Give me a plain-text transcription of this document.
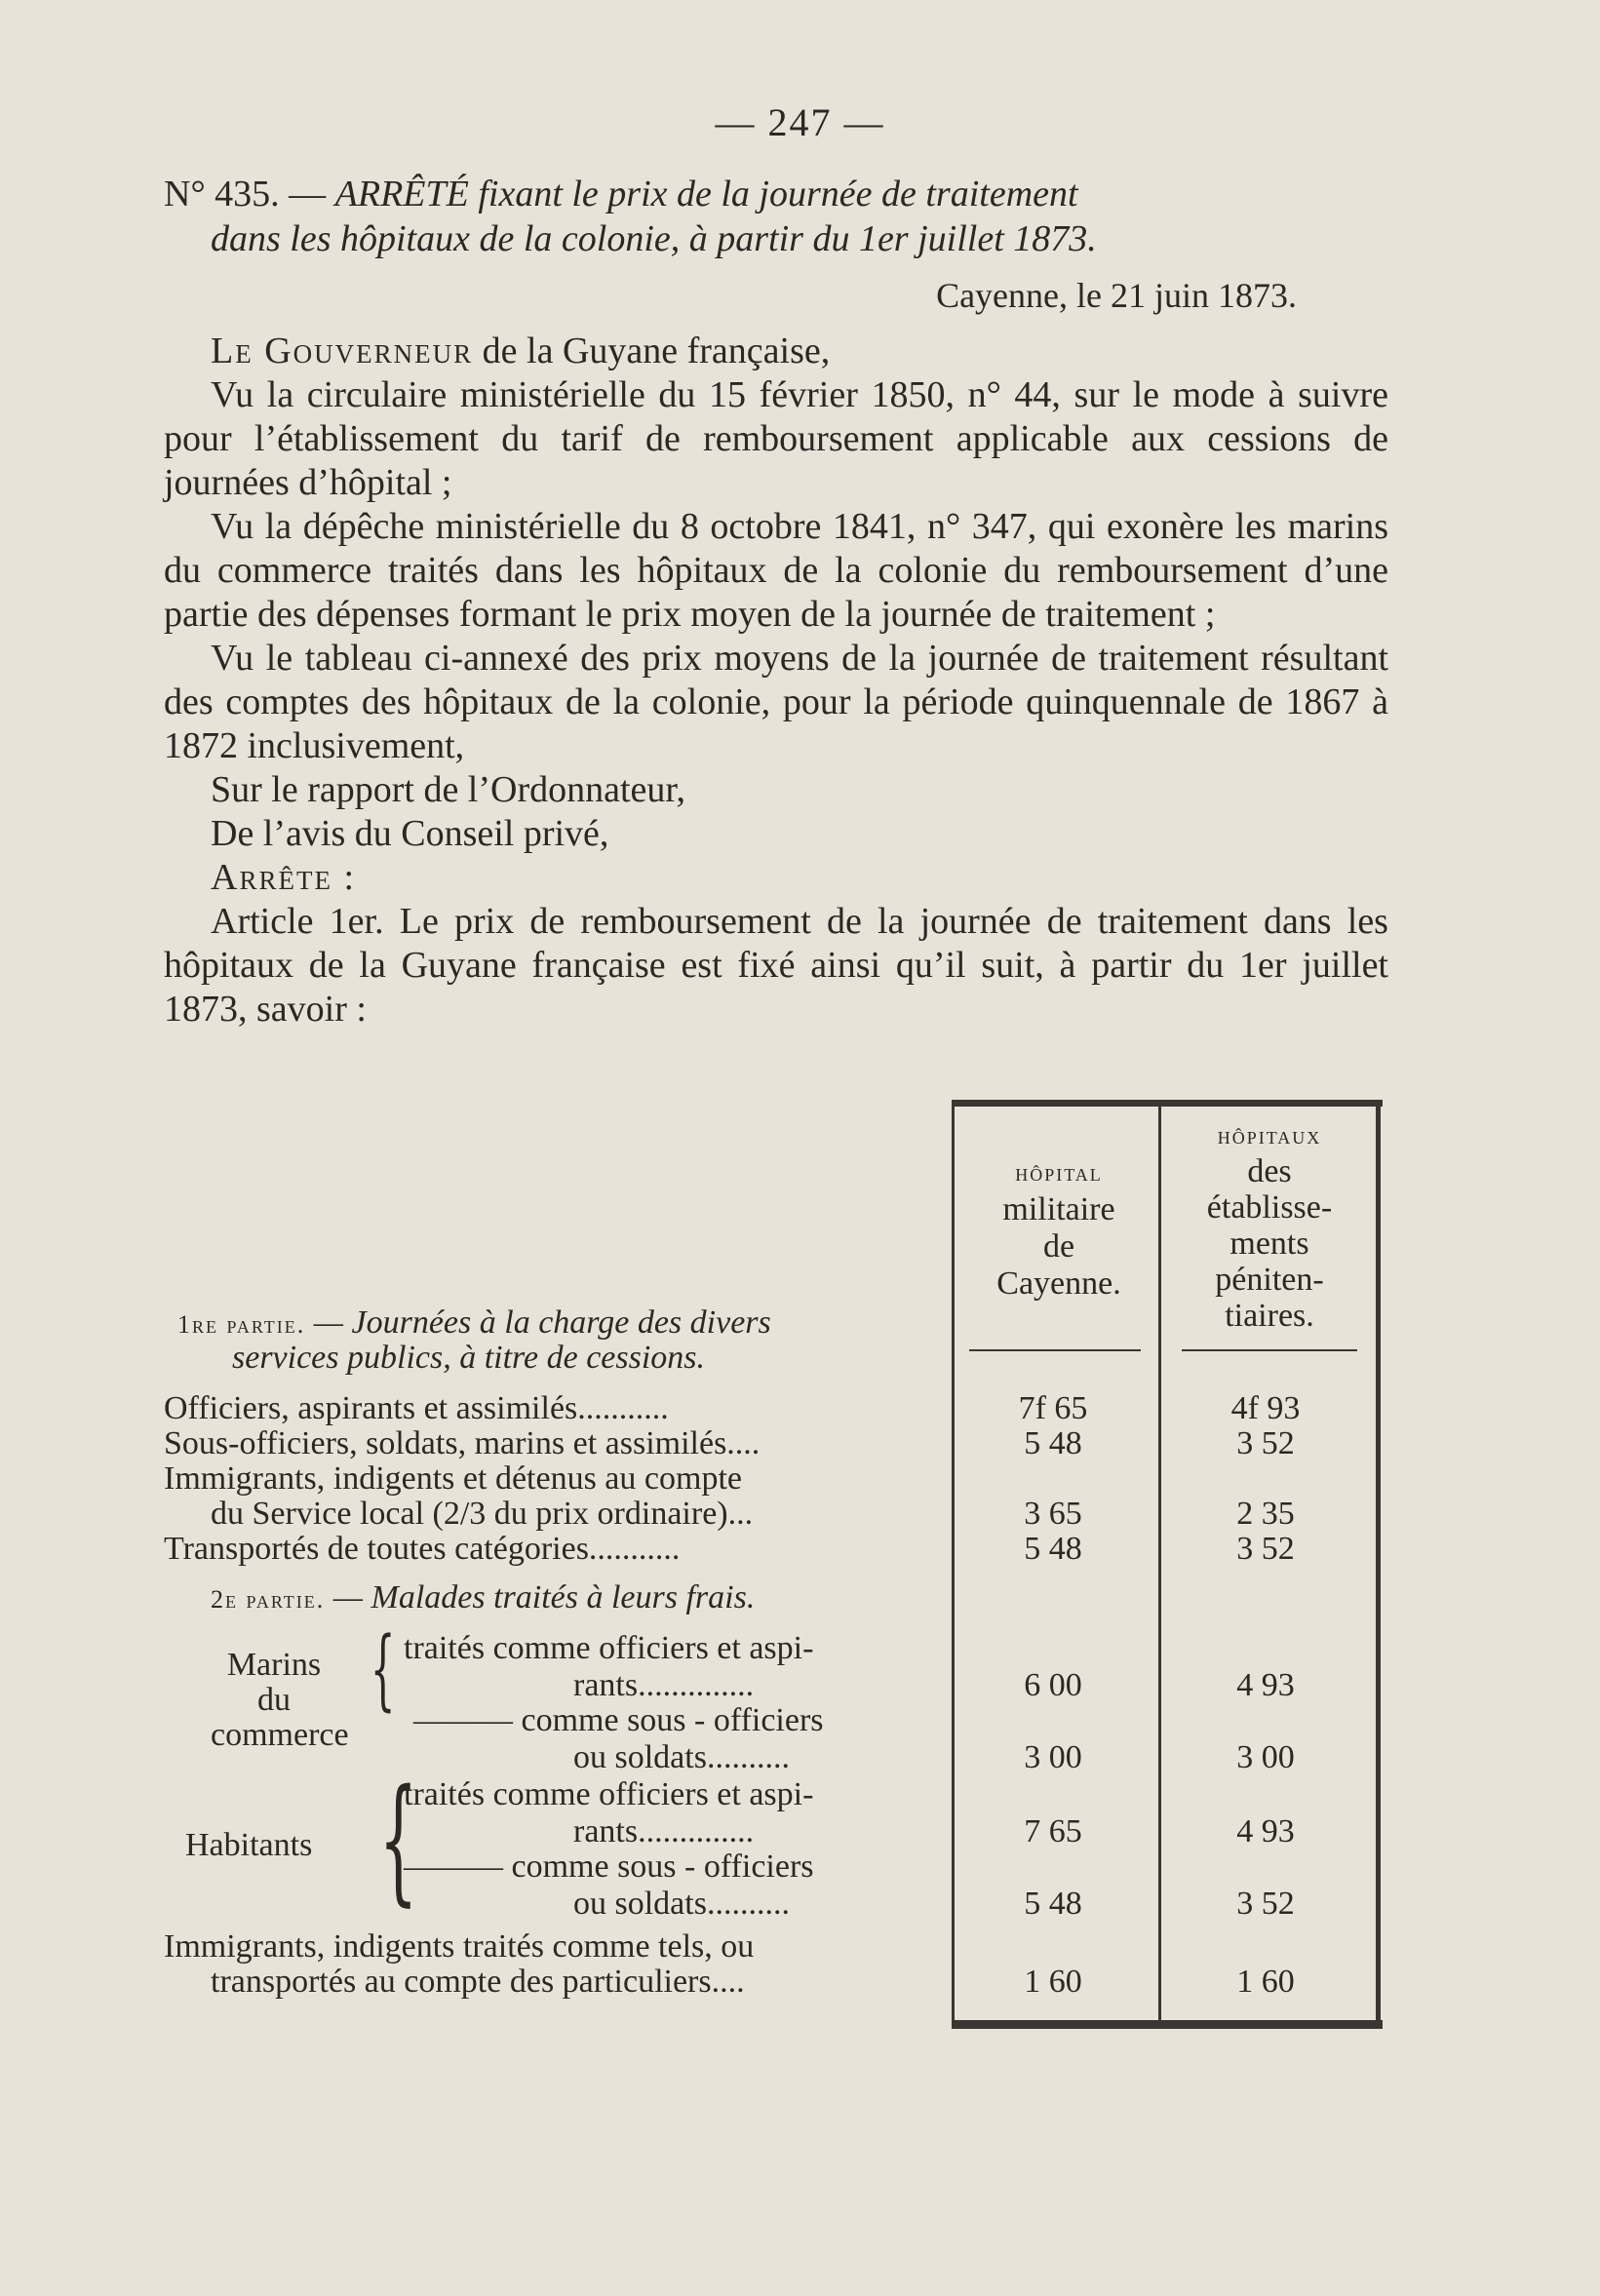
— 247 —
N° 435. — ARRÊTÉ fixant le prix de la journée de traitement
dans les hôpitaux de la colonie, à partir du 1er juillet 1873.
Cayenne, le 21 juin 1873.

Le Gouverneur de la Guyane française,

Vu la circulaire ministérielle du 15 février 1850, n° 44, sur le mode à suivre pour l’établissement du tarif de remboursement applicable aux cessions de journées d’hôpital ;

Vu la dépêche ministérielle du 8 octobre 1841, n° 347, qui exonère les marins du commerce traités dans les hôpitaux de la colonie du remboursement d’une partie des dépenses formant le prix moyen de la journée de traitement ;

Vu le tableau ci-annexé des prix moyens de la journée de traitement résultant des comptes des hôpitaux de la colonie, pour la période quinquennale de 1867 à 1872 inclusivement,

Sur le rapport de l’Ordonnateur,

De l’avis du Conseil privé,

Arrête :

Article 1er. Le prix de remboursement de la journée de traitement dans les hôpitaux de la Guyane française est fixé ainsi qu’il suit, à partir du 1er juillet 1873, savoir :

hôpital
militaire
de
Cayenne.
hôpitaux
des
établisse-
ments
péniten-
tiaires.
1re partie. — Journées à la charge des divers
services publics, à titre de cessions.
Officiers, aspirants et assimilés...........	7f 65	4f 93
Sous-officiers, soldats, marins et assimilés....	5 48	3 52
Immigrants, indigents et détenus au compte
du Service local (2/3 du prix ordinaire)...	3 65	2 35
Transportés de toutes catégories...........	5 48	3 52
2e partie. — Malades traités à leurs frais.
Marins
du
commerce
{ traités comme officiers et aspi-
rants..............	6 00	4 93
——— comme sous - officiers
ou soldats..........	3 00	3 00
Habitants {
traités comme officiers et aspi-
rants..............	7 65	4 93
——— comme sous - officiers
ou soldats..........	5 48	3 52
Immigrants, indigents traités comme tels, ou
transportés au compte des particuliers....	1 60	1 60
